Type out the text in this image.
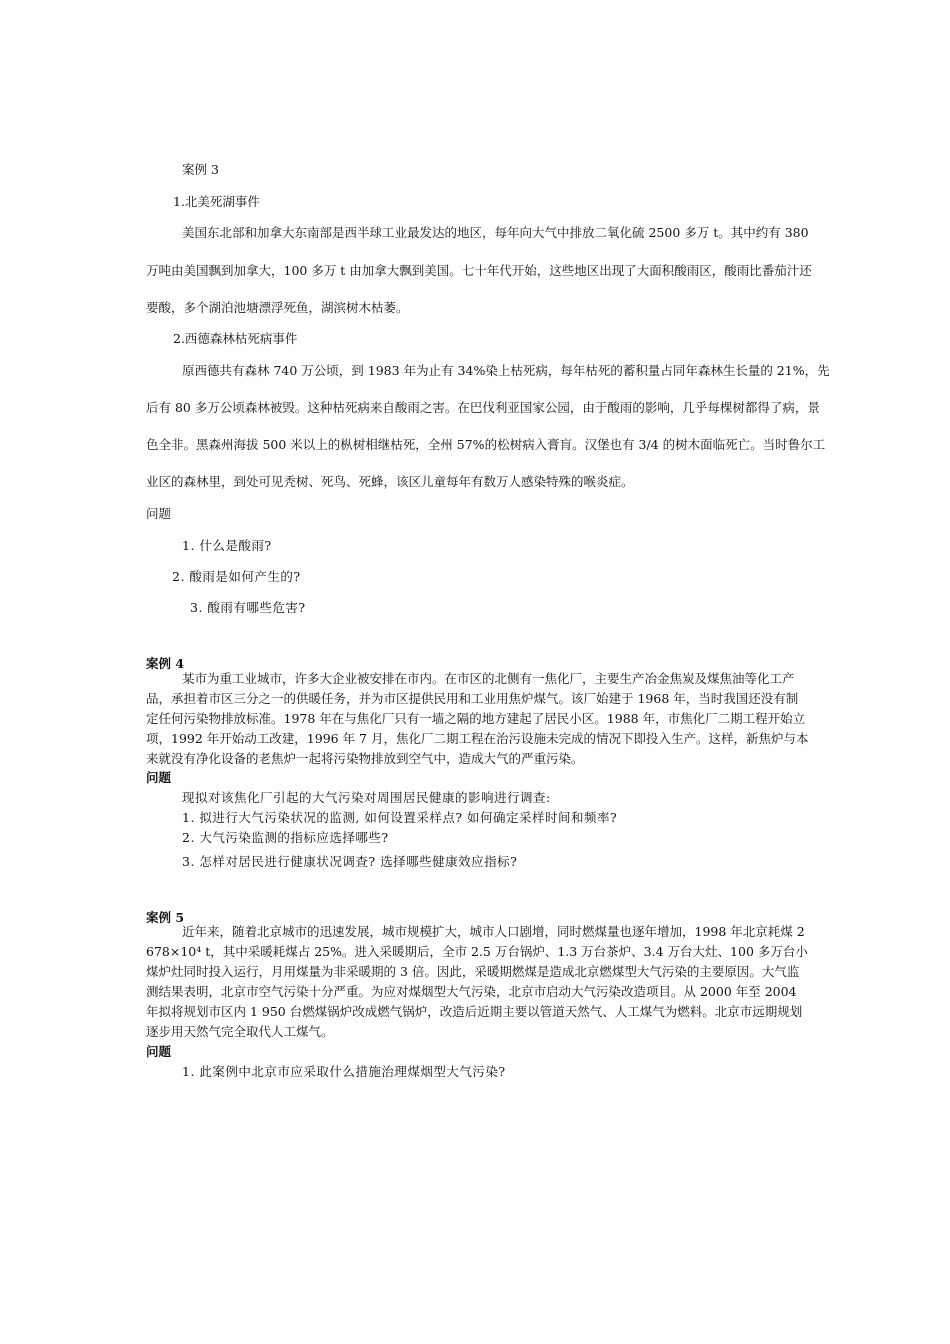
案例 3

1.北美死湖事件

美国东北部和加拿大东南部是西半球工业最发达的地区，每年向大气中排放二氧化硫 2500 多万 t。其中约有 380

万吨由美国飘到加拿大，100 多万 t 由加拿大飘到美国。七十年代开始，这些地区出现了大面积酸雨区，酸雨比番茄汁还

要酸，多个湖泊池塘漂浮死鱼，湖滨树木枯萎。

2.西德森林枯死病事件

原西德共有森林 740 万公顷，到 1983 年为止有 34%染上枯死病，每年枯死的蓄积量占同年森林生长量的 21%，先

后有 80 多万公顷森林被毁。这种枯死病来自酸雨之害。在巴伐利亚国家公园，由于酸雨的影响，几乎每棵树都得了病，景

色全非。黑森州海拔 500 米以上的枞树相继枯死，全州 57%的松树病入膏肓。汉堡也有 3/4 的树木面临死亡。当时鲁尔工

业区的森林里，到处可见秃树、死鸟、死蜂，该区儿童每年有数万人感染特殊的喉炎症。

问题

1. 什么是酸雨?

2. 酸雨是如何产生的?

3. 酸雨有哪些危害?

案例 4

某市为重工业城市，许多大企业被安排在市内。在市区的北侧有一焦化厂，主要生产冶金焦炭及煤焦油等化工产品，承担着市区三分之一的供暖任务，并为市区提供民用和工业用焦炉煤气。该厂始建于 1968 年，当时我国还没有制定任何污染物排放标准。1978 年在与焦化厂只有一墙之隔的地方建起了居民小区。1988 年，市焦化厂二期工程开始立项，1992 年开始动工改建，1996 年 7 月，焦化厂二期工程在治污设施未完成的情况下即投入生产。这样，新焦炉与本来就没有净化设备的老焦炉一起将污染物排放到空气中，造成大气的严重污染。

问题

现拟对该焦化厂引起的大气污染对周围居民健康的影响进行调查:

1. 拟进行大气污染状况的监测, 如何设置采样点? 如何确定采样时间和频率?

2. 大气污染监测的指标应选择哪些?

3. 怎样对居民进行健康状况调查? 选择哪些健康效应指标?

案例 5

近年来，随着北京城市的迅速发展，城市规模扩大，城市人口剧增，同时燃煤量也逐年增加，1998 年北京耗煤 2 678×10⁴ t，其中采暖耗煤占 25%。进入采暖期后，全市 2.5 万台锅炉、1.3 万台茶炉、3.4 万台大灶、100 多万台小煤炉灶同时投入运行，月用煤量为非采暖期的 3 倍。因此，采暖期燃煤是造成北京燃煤型大气污染的主要原因。大气监测结果表明，北京市空气污染十分严重。为应对煤烟型大气污染，北京市启动大气污染改造项目。从 2000 年至 2004 年拟将规划市区内 1 950 台燃煤锅炉改成燃气锅炉，改造后近期主要以管道天然气、人工煤气为燃料。北京市远期规划逐步用天然气完全取代人工煤气。

问题

1. 此案例中北京市应采取什么措施治理煤烟型大气污染?
